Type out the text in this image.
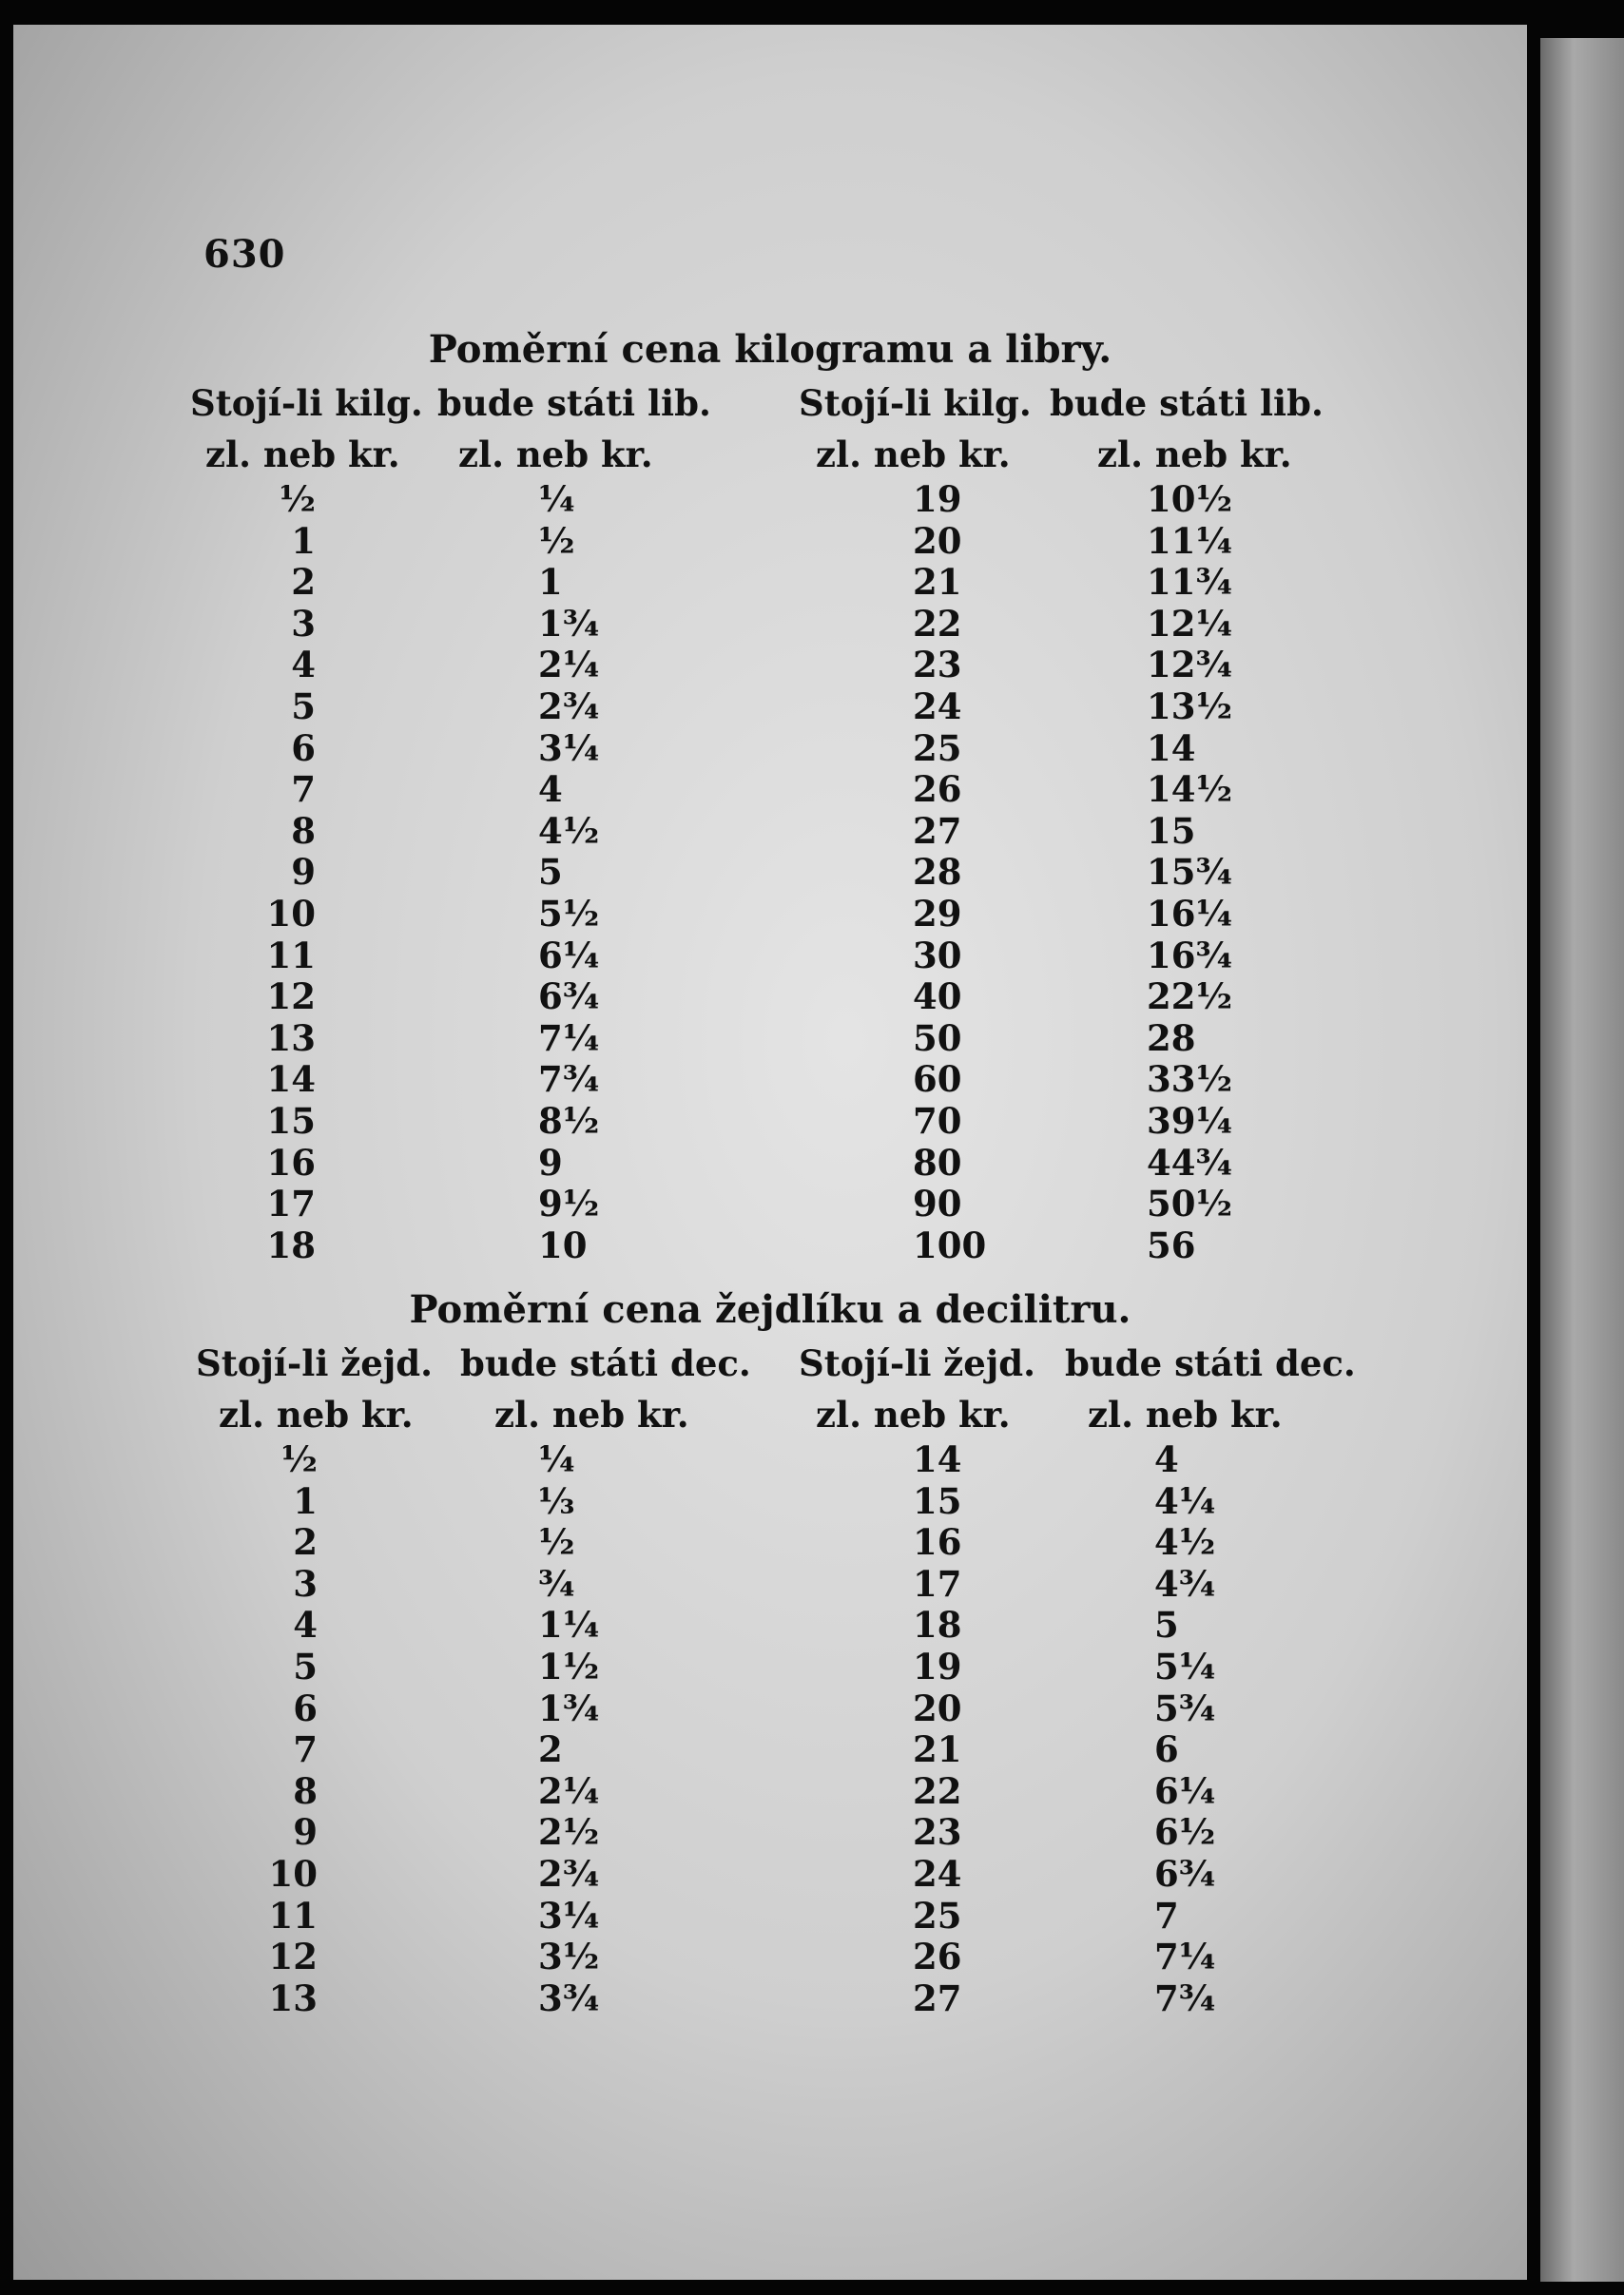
630
Poměrní cena kilogramu a libry.
Stojí-li kilg. bude státi lib. Stojí-li kilg. bude státi lib.
zl. neb kr. zl. neb kr.	zl. neb kr. zl. neb kr.
½
1
2
3
4
5
6
7
8
9
10
11
12
13
14
15
16
17
18
¼
½
1
1¾
2¼
2¾
3¼
4
4½
5
5½
6¼
6¾
7¼
7¾
8½
9
9½
10
19
20
21
22
23
24
25
26
27
28
29
30
40
50
60
70
80
90
100
10½
11¼
11¾
12¼
12¾
13½
14
14½
15
15¾
16¼
16¾
22½
28
33½
39¼
44¾
50½
56
Poměrní cena žejdlíku a decilitru.
Stojí-li žejd. bude státi dec. Stojí-li žejd. bude státi dec.
zl. neb kr. zl. neb kr.	zl. neb kr. zl. neb kr.
½
1
2
3
4
5
6
7
8
9
10
11
12
13
¼
⅓
½
¾
1¼
1½
1¾
2
2¼
2½
2¾
3¼
3½
3¾
14
15
16
17
18
19
20
21
22
23
24
25
26
27
4
4¼
4½
4¾
5
5¼
5¾
6
6¼
6½
6¾
7
7¼
7¾
